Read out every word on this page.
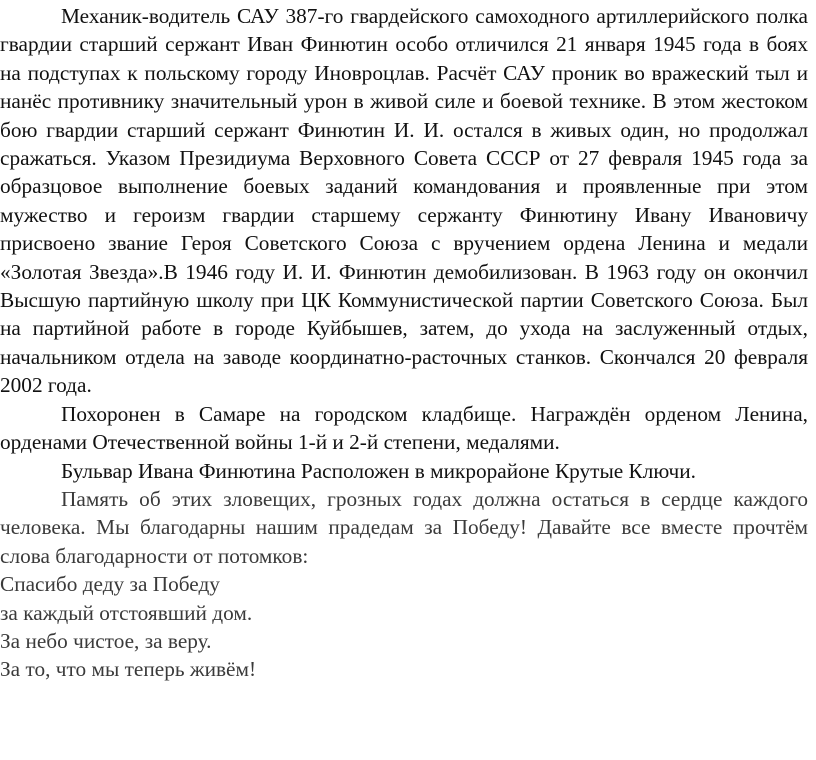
Механик-водитель САУ 387-го гвардейского самоходного артиллерийского полка гвардии старший сержант Иван Финютин особо отличился 21 января 1945 года в боях на подступах к польскому городу Иновроцлав. Расчёт САУ проник во вражеский тыл и нанёс противнику значительный урон в живой силе и боевой технике. В этом жестоком бою гвардии старший сержант Финютин И. И. остался в живых один, но продолжал сражаться. Указом Президиума Верховного Совета СССР от 27 февраля 1945 года за образцовое выполнение боевых заданий командования и проявленные при этом мужество и героизм гвардии старшему сержанту Финютину Ивану Ивановичу присвоено звание Героя Советского Союза с вручением ордена Ленина и медали «Золотая Звезда».В 1946 году И. И. Финютин демобилизован. В 1963 году он окончил Высшую партийную школу при ЦК Коммунистической партии Советского Союза. Был на партийной работе в городе Куйбышев, затем, до ухода на заслуженный отдых, начальником отдела на заводе координатно-расточных станков. Скончался 20 февраля 2002 года.

Похоронен в Самаре на городском кладбище. Награждён орденом Ленина, орденами Отечественной войны 1-й и 2-й степени, медалями.

Бульвар Ивана Финютина Расположен в микрорайоне Крутые Ключи.

Память об этих зловещих, грозных годах должна остаться в сердце каждого человека. Мы благодарны нашим прадедам за Победу! Давайте все вместе прочтём слова благодарности от потомков:

Спасибо деду за Победу
за каждый отстоявший дом.
За небо чистое, за веру.
За то, что мы теперь живём!
